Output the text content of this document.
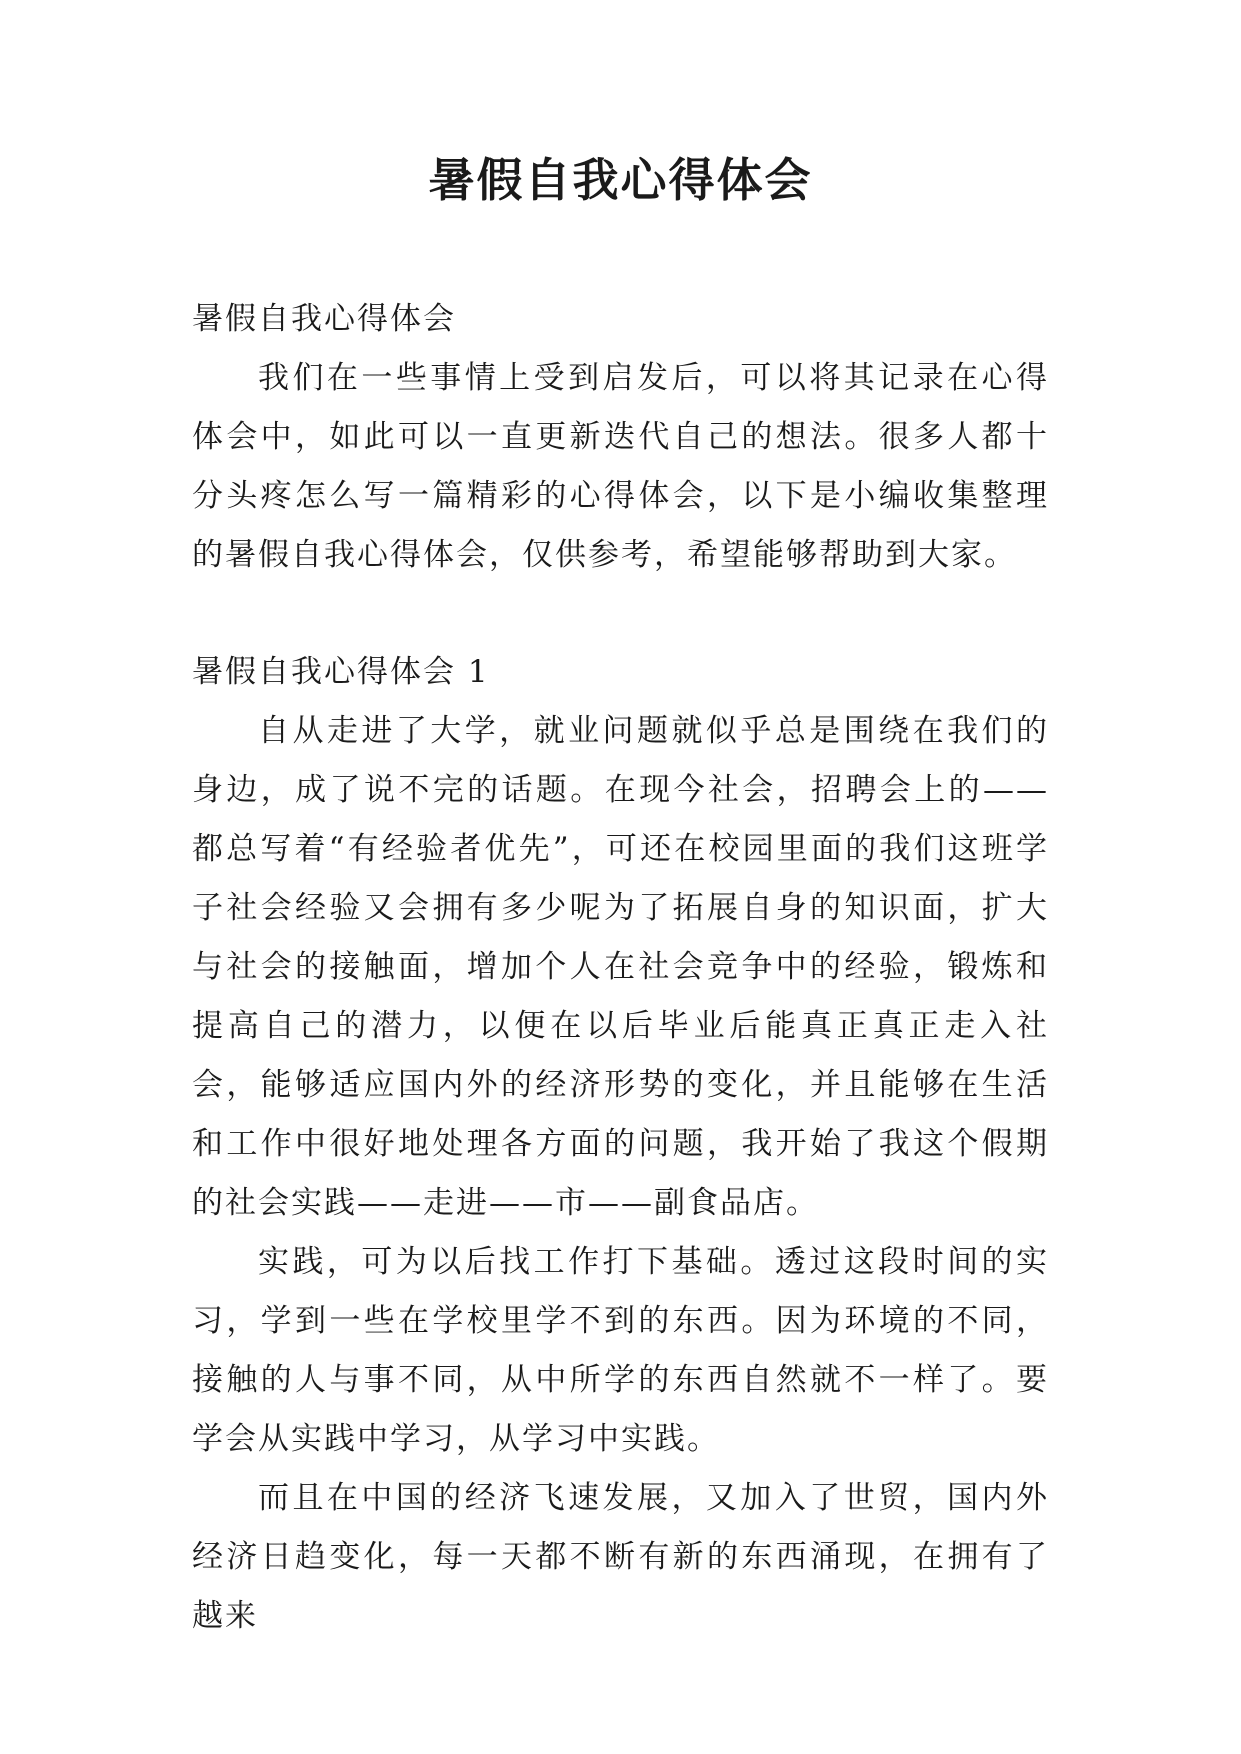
暑假自我心得体会

暑假自我心得体会

我们在一些事情上受到启发后，可以将其记录在心得体会中，如此可以一直更新迭代自己的想法。很多人都十分头疼怎么写一篇精彩的心得体会，以下是小编收集整理的暑假自我心得体会，仅供参考，希望能够帮助到大家。

暑假自我心得体会 1

自从走进了大学，就业问题就似乎总是围绕在我们的身边，成了说不完的话题。在现今社会，招聘会上的——都总写着“有经验者优先”，可还在校园里面的我们这班学子社会经验又会拥有多少呢为了拓展自身的知识面，扩大与社会的接触面，增加个人在社会竞争中的经验，锻炼和提高自己的潜力，以便在以后毕业后能真正真正走入社会，能够适应国内外的经济形势的变化，并且能够在生活和工作中很好地处理各方面的问题，我开始了我这个假期的社会实践——走进——市——副食品店。

实践，可为以后找工作打下基础。透过这段时间的实习，学到一些在学校里学不到的东西。因为环境的不同，接触的人与事不同，从中所学的东西自然就不一样了。要学会从实践中学习，从学习中实践。

而且在中国的经济飞速发展，又加入了世贸，国内外经济日趋变化，每一天都不断有新的东西涌现，在拥有了越来
